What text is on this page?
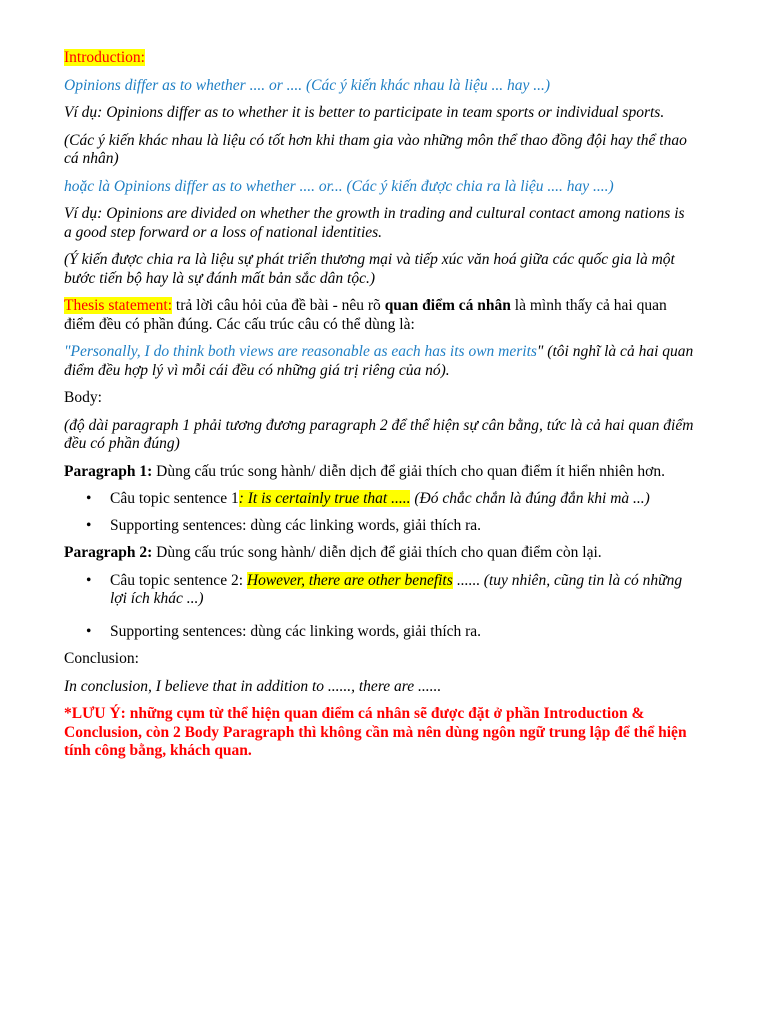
Introduction:

Opinions differ as to whether .... or .... (Các ý kiến khác nhau là liệu ... hay ...)

Ví dụ: Opinions differ as to whether it is better to participate in team sports or individual sports.

(Các ý kiến khác nhau là liệu có tốt hơn khi tham gia vào những môn thể thao đồng đội hay thể thao cá nhân)

hoặc là Opinions differ as to whether .... or... (Các ý kiến được chia ra là liệu .... hay ....)

Ví dụ: Opinions are divided on whether the growth in trading and cultural contact among nations is a good step forward or a loss of national identities.

(Ý kiến được chia ra là liệu sự phát triển thương mại và tiếp xúc văn hoá giữa các quốc gia là một bước tiến bộ hay là sự đánh mất bản sắc dân tộc.)

Thesis statement: trả lời câu hỏi của đề bài - nêu rõ quan điểm cá nhân là mình thấy cả hai quan điểm đều có phần đúng. Các cấu trúc câu có thể dùng là:

"Personally, I do think both views are reasonable as each has its own merits" (tôi nghĩ là cả hai quan điểm đều hợp lý vì mỗi cái đều có những giá trị riêng của nó).

Body:

(độ dài paragraph 1 phải tương đương paragraph 2 để thể hiện sự cân bằng, tức là cả hai quan điểm đều có phần đúng)

Paragraph 1: Dùng cấu trúc song hành/ diễn dịch để giải thích cho quan điểm ít hiển nhiên hơn.

• Câu topic sentence 1: It is certainly true that ..... (Đó chắc chắn là đúng đắn khi mà ...)
• Supporting sentences: dùng các linking words, giải thích ra.

Paragraph 2: Dùng cấu trúc song hành/ diễn dịch để giải thích cho quan điểm còn lại.

• Câu topic sentence 2: However, there are other benefits ...... (tuy nhiên, cũng tin là có những lợi ích khác ...)
• Supporting sentences: dùng các linking words, giải thích ra.

Conclusion:

In conclusion, I believe that in addition to ......, there are ......

*LƯU Ý: những cụm từ thể hiện quan điểm cá nhân sẽ được đặt ở phần Introduction & Conclusion, còn 2 Body Paragraph thì không cần mà nên dùng ngôn ngữ trung lập để thể hiện tính công bằng, khách quan.
